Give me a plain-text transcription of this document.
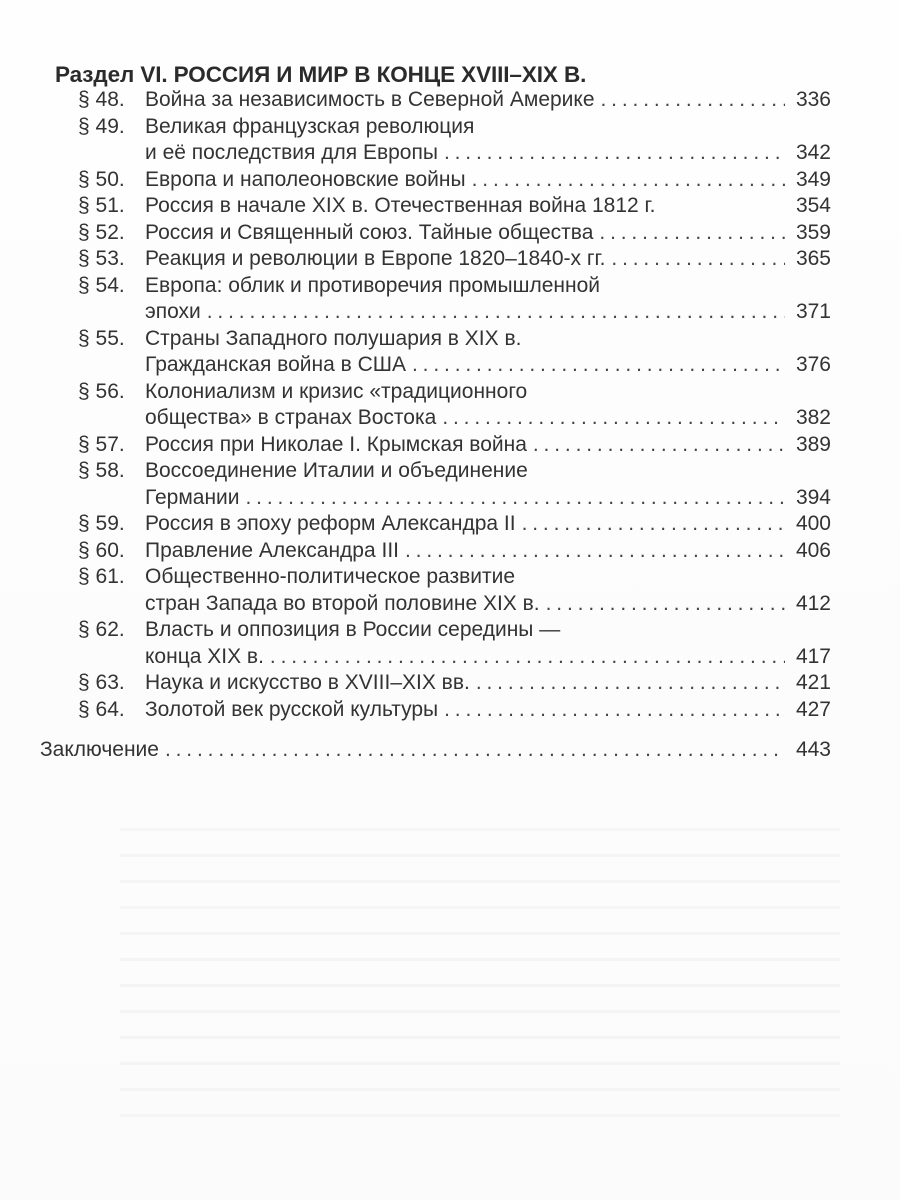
Раздел VI. РОССИЯ И МИР В КОНЦЕ XVIII–XIX В.
§ 48. Война за независимость в Северной Америке . . .	336
§ 49. Великая французская революция
и её последствия для Европы . . .	342
§ 50. Европа и наполеоновские войны . . .	349
§ 51. Россия в начале XIX в. Отечественная война 1812 г.	354
§ 52. Россия и Священный союз. Тайные общества . . .	359
§ 53. Реакция и революции в Европе 1820–1840-х гг. . . .	365
§ 54. Европа: облик и противоречия промышленной
эпохи . . .	371
§ 55. Страны Западного полушария в XIX в.
Гражданская война в США . . .	376
§ 56. Колониализм и кризис «традиционного
общества» в странах Востока . . .	382
§ 57. Россия при Николае I. Крымская война . . .	389
§ 58. Воссоединение Италии и объединение
Германии . . .	394
§ 59. Россия в эпоху реформ Александра II . . .	400
§ 60. Правление Александра III . . .	406
§ 61. Общественно-политическое развитие
стран Запада во второй половине XIX в. . . .	412
§ 62. Власть и оппозиция в России середины —
конца XIX в. . . .	417
§ 63. Наука и искусство в XVIII–XIX вв. . . .	421
§ 64. Золотой век русской культуры . . .	427
Заключение . . .	443
